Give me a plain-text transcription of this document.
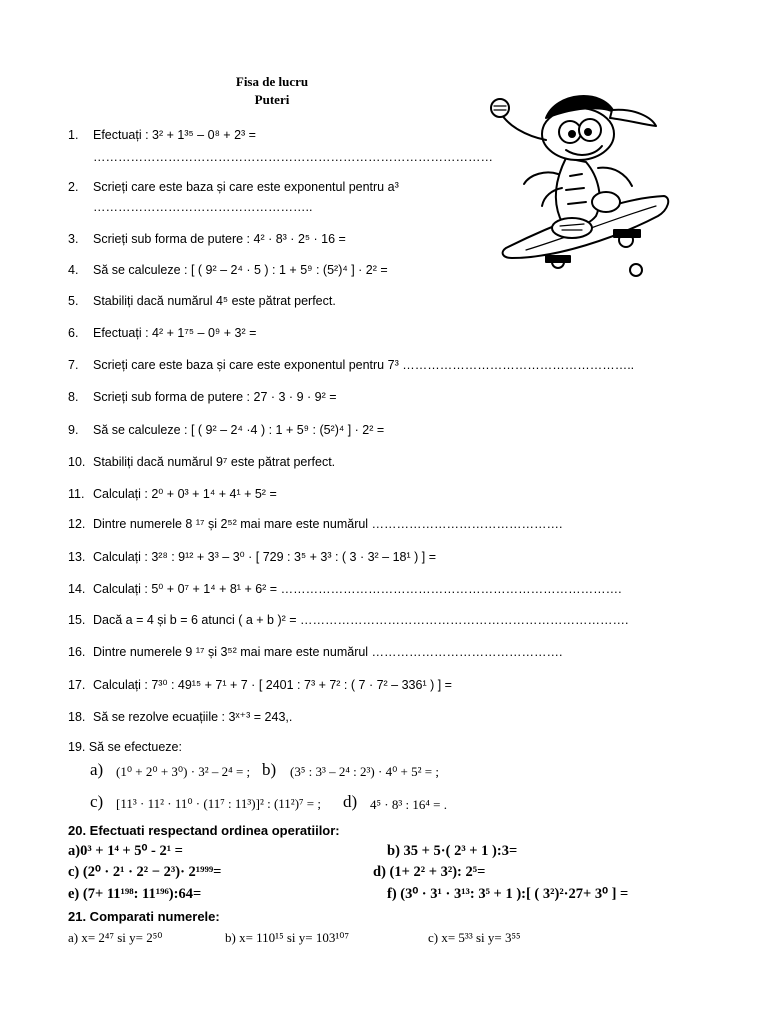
Fisa de lucru
Puteri
1. Efectuați : 3² + 1³⁵ – 0⁸ + 2³ =
……………………………………………………………………………………
2. Scrieți care este baza și care este exponentul pentru a³
……………………………………………..
3. Scrieți sub forma de putere : 4² · 8³ · 2⁵ · 16 =
4. Să se calculeze : [ ( 9² – 2⁴ · 5 ) : 1 + 5⁹ : (5²)⁴ ] · 2² =
5. Stabiliți dacă numărul 4⁵ este pătrat perfect.
6. Efectuați : 4² + 1⁷⁵ – 0⁹ + 3² =
7. Scrieți care este baza și care este exponentul pentru 7³ ………………………………………………..
8. Scrieți sub forma de putere : 27 · 3 · 9 · 9² =
9. Să se calculeze : [ ( 9² – 2⁴ ·4 ) : 1 + 5⁹ : (5²)⁴ ] · 2² =
10. Stabiliți dacă numărul 9⁷ este pătrat perfect.
11. Calculați : 2⁰ + 0³ + 1⁴ + 4¹ + 5² =
12. Dintre numerele 8 ¹⁷ și 2⁵² mai mare este numărul ……………………………………….
13. Calculați : 3²⁸ : 9¹² + 3³ – 3⁰ · [ 729 : 3⁵ + 3³ : ( 3 · 3² – 18¹ ) ] =
14. Calculați : 5⁰ + 0⁷ + 1⁴ + 8¹ + 6² = ……………………………………………………………………….
15. Dacă a = 4 și b = 6 atunci ( a + b )² = …………………………………………………………………….
16. Dintre numerele 9 ¹⁷ și 3⁵² mai mare este numărul ……………………………………….
17. Calculați : 7³⁰ : 49¹⁵ + 7¹ + 7 · [ 2401 : 7³ + 7² : ( 7 · 7² – 336¹ ) ] =
18. Să se rezolve ecuațiile : 3ˣ⁺³ = 243,.
19. Să se efectueze:
a) (1⁰ + 2⁰ + 3⁰) · 3² – 2⁴ = ; b) (3⁵ : 3³ – 2⁴ : 2³) · 4⁰ + 5² = ;
c) [11³ · 11² · 11⁰ · (11⁷ : 11³)]² : (11²)⁷ = ; d) 4⁵ · 8³ : 16⁴ = .
20. Efectuati respectand ordinea operatiilor:
a)0³ + 1⁴ + 5⁰ - 2¹ =	b) 35 + 5·( 2³ + 1 ):3=
c) (2⁰ · 2¹ · 2² − 2³)· 2¹⁹⁹⁹=	d) (1+ 2² + 3²): 2⁵=
e) (7+ 11¹⁹⁸: 11¹⁹⁶):64=	f) (3⁰ · 3¹ · 3¹³: 3⁵ + 1 ):[ ( 3²)²·27+ 3⁰ ] =
21. Comparati numerele:
a) x= 2⁴⁷ si y= 2⁵⁰	b) x= 110¹⁵ si y= 103¹⁰⁷	c) x= 5³³ si y= 3⁵⁵
